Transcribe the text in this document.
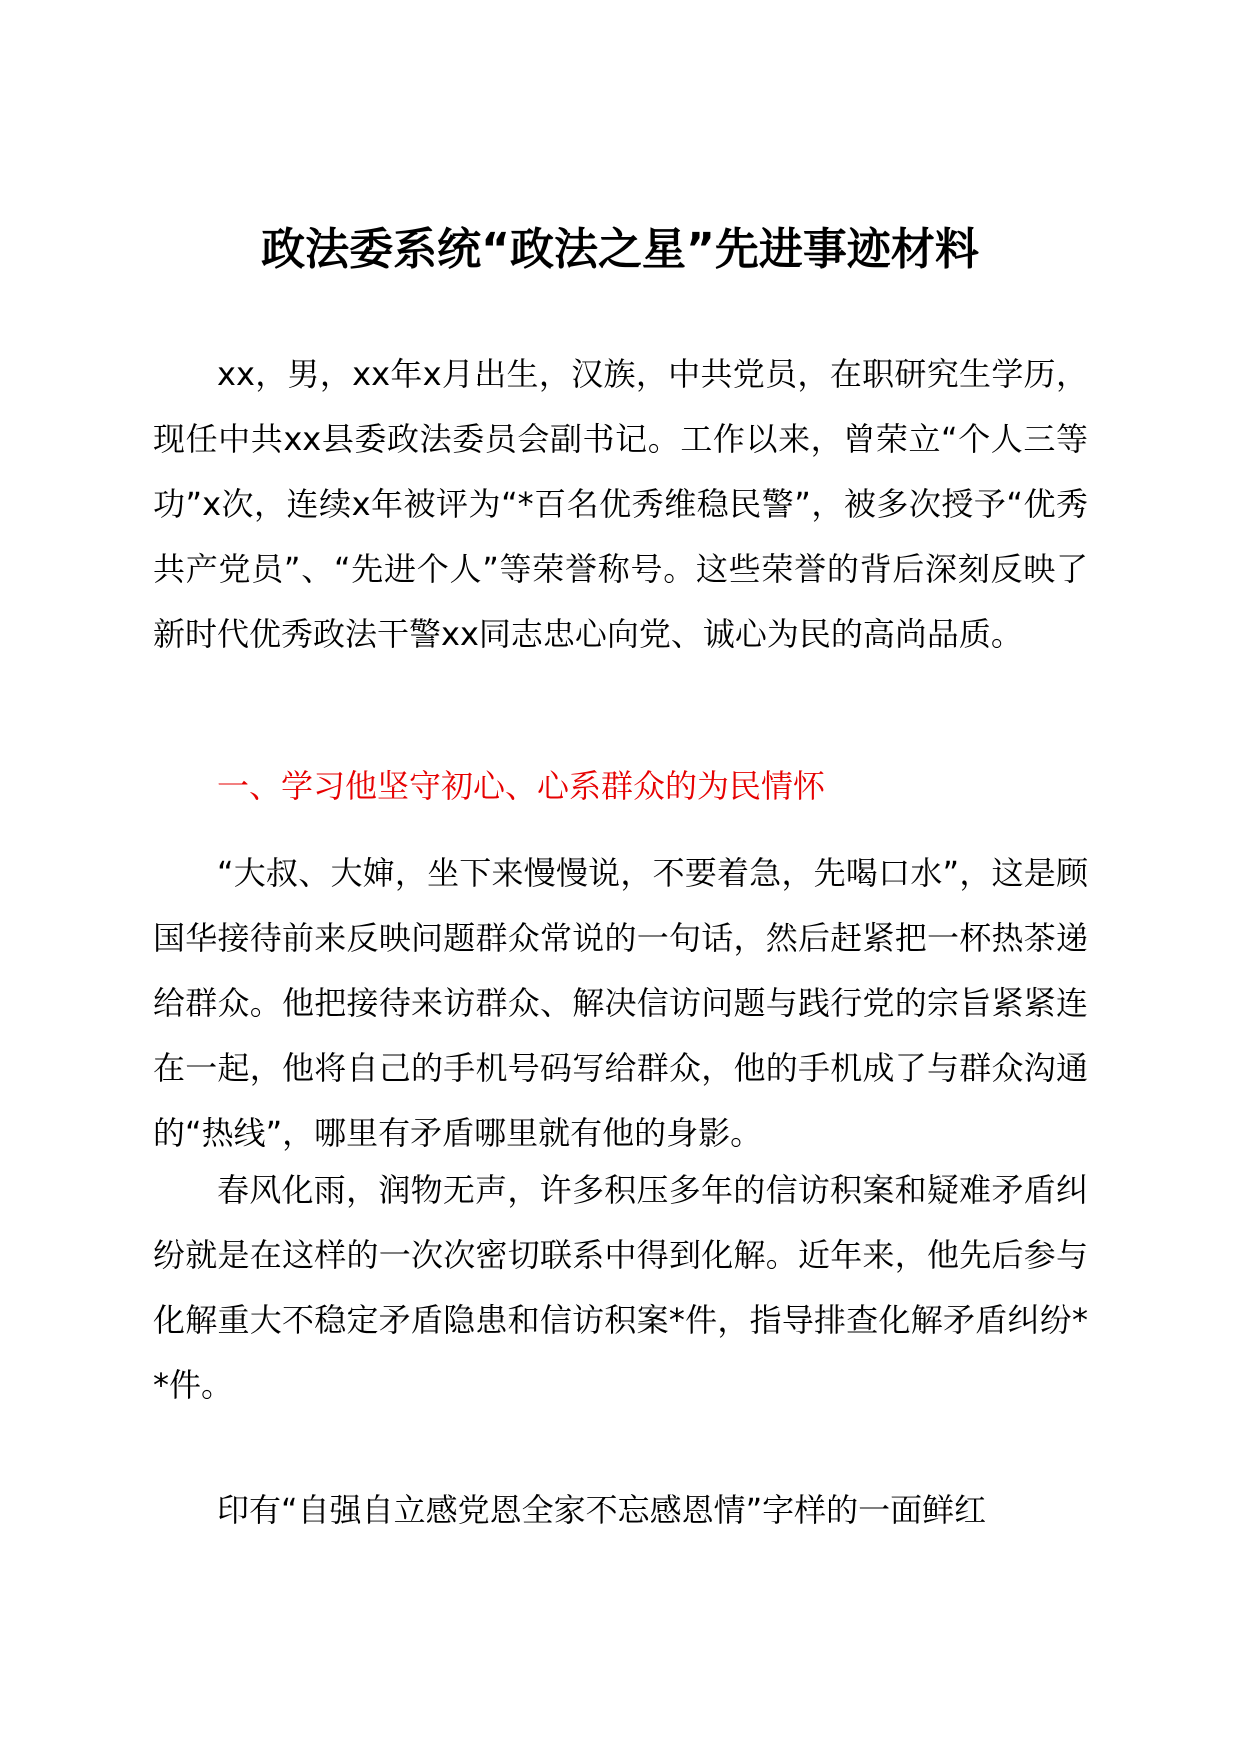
政法委系统“政法之星”先进事迹材料

xx，男，xx年x月出生，汉族，中共党员，在职研究生学历，现任中共xx县委政法委员会副书记。工作以来，曾荣立“个人三等功”x次，连续x年被评为“*百名优秀维稳民警”，被多次授予“优秀共产党员”、“先进个人”等荣誉称号。这些荣誉的背后深刻反映了新时代优秀政法干警xx同志忠心向党、诚心为民的高尚品质。

一、学习他坚守初心、心系群众的为民情怀

“大叔、大婶，坐下来慢慢说，不要着急，先喝口水”，这是顾国华接待前来反映问题群众常说的一句话，然后赶紧把一杯热茶递给群众。他把接待来访群众、解决信访问题与践行党的宗旨紧紧连在一起，他将自己的手机号码写给群众，他的手机成了与群众沟通的“热线”，哪里有矛盾哪里就有他的身影。

春风化雨，润物无声，许多积压多年的信访积案和疑难矛盾纠纷就是在这样的一次次密切联系中得到化解。近年来，他先后参与化解重大不稳定矛盾隐患和信访积案*件，指导排查化解矛盾纠纷**件。

印有“自强自立感党恩全家不忘感恩情”字样的一面鲜红
